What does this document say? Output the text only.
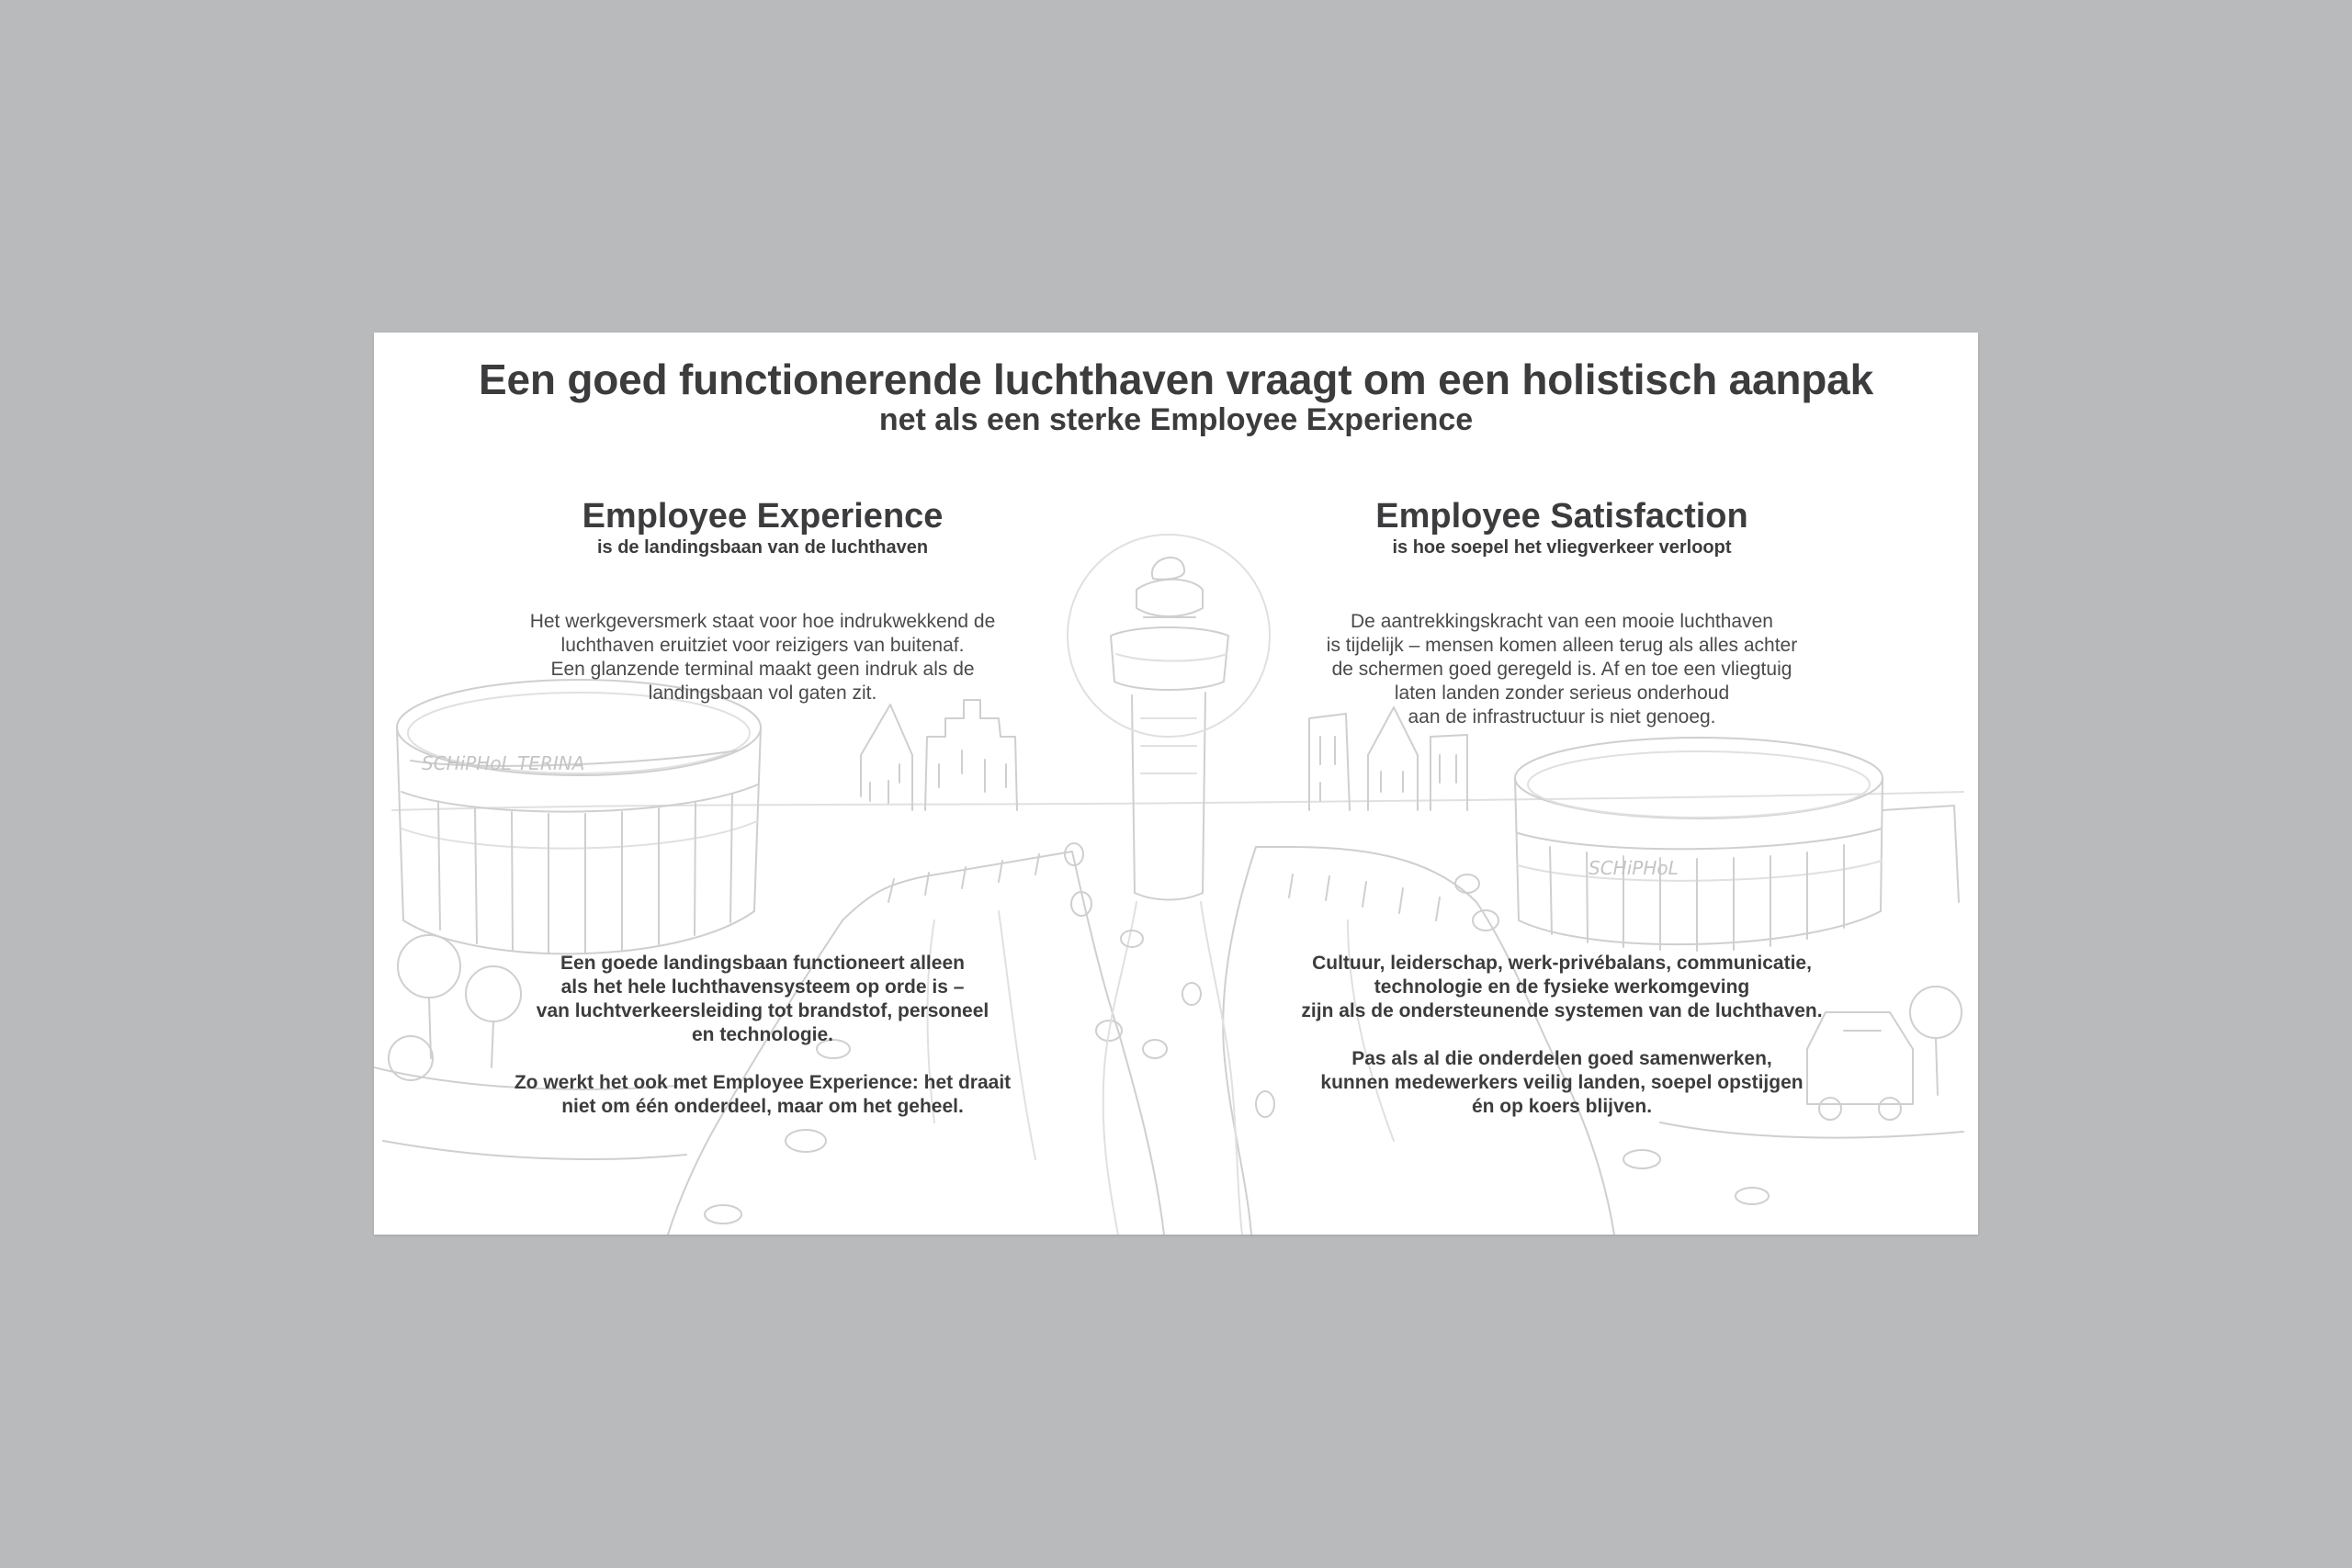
SCHiPHoL TERINA
SCHiPHoL
Een goed functionerende luchthaven vraagt om een holistisch aanpak
net als een sterke Employee Experience
Employee Experience
is de landingsbaan van de luchthaven

Het werkgeversmerk staat voor hoe indrukwekkend de

luchthaven eruitziet voor reizigers van buitenaf.

Een glanzende terminal maakt geen indruk als de

landingsbaan vol gaten zit.

Een goede landingsbaan functioneert alleen

als het hele luchthavensysteem op orde is –

van luchtverkeersleiding tot brandstof, personeel

en technologie.

Zo werkt het ook met Employee Experience: het draait

niet om één onderdeel, maar om het geheel.

Employee Satisfaction
is hoe soepel het vliegverkeer verloopt

De aantrekkingskracht van een mooie luchthaven

is tijdelijk – mensen komen alleen terug als alles achter

de schermen goed geregeld is. Af en toe een vliegtuig

laten landen zonder serieus onderhoud

aan de infrastructuur is niet genoeg.

Cultuur, leiderschap, werk-privébalans, communicatie,

technologie en de fysieke werkomgeving

zijn als de ondersteunende systemen van de luchthaven.

Pas als al die onderdelen goed samenwerken,

kunnen medewerkers veilig landen, soepel opstijgen

én op koers blijven.
